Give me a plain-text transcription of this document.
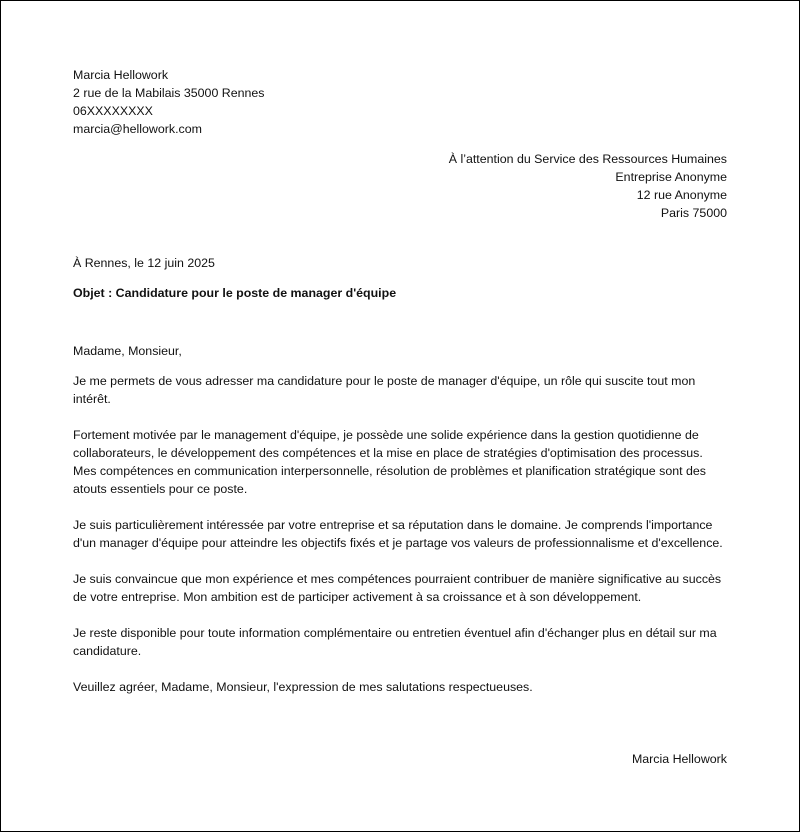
Marcia Hellowork
2 rue de la Mabilais 35000 Rennes
06XXXXXXXX
marcia@hellowork.com
À l’attention du Service des Ressources Humaines
Entreprise Anonyme
12 rue Anonyme
Paris 75000
À Rennes, le 12 juin 2025
Objet : Candidature pour le poste de manager d'équipe

Madame, Monsieur,

Je me permets de vous adresser ma candidature pour le poste de manager d'équipe, un rôle qui suscite tout mon intérêt.

Fortement motivée par le management d'équipe, je possède une solide expérience dans la gestion quotidienne de collaborateurs, le développement des compétences et la mise en place de stratégies d'optimisation des processus. Mes compétences en communication interpersonnelle, résolution de problèmes et planification stratégique sont des atouts essentiels pour ce poste.

Je suis particulièrement intéressée par votre entreprise et sa réputation dans le domaine. Je comprends l'importance d'un manager d'équipe pour atteindre les objectifs fixés et je partage vos valeurs de professionnalisme et d'excellence.

Je suis convaincue que mon expérience et mes compétences pourraient contribuer de manière significative au succès de votre entreprise. Mon ambition est de participer activement à sa croissance et à son développement.

Je reste disponible pour toute information complémentaire ou entretien éventuel afin d'échanger plus en détail sur ma candidature.

Veuillez agréer, Madame, Monsieur, l'expression de mes salutations respectueuses.

Marcia Hellowork
